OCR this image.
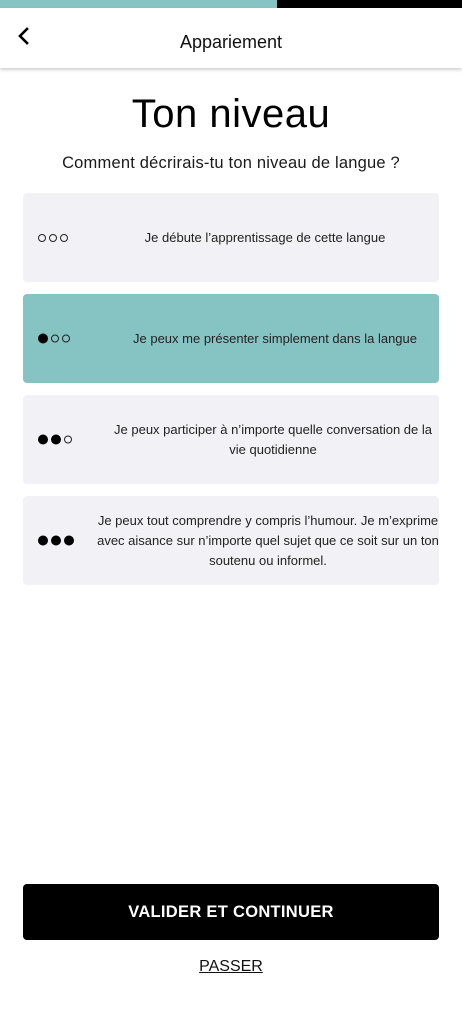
Appariement
Ton niveau
Comment décrirais-tu ton niveau de langue ?
Je débute l’apprentissage de cette langue
Je peux me présenter simplement dans la langue
Je peux participer à n’importe quelle conversation de la vie quotidienne
Je peux tout comprendre y compris l’humour. Je m’exprime avec aisance sur n’importe quel sujet que ce soit sur un ton soutenu ou informel.
VALIDER ET CONTINUER
PASSER
